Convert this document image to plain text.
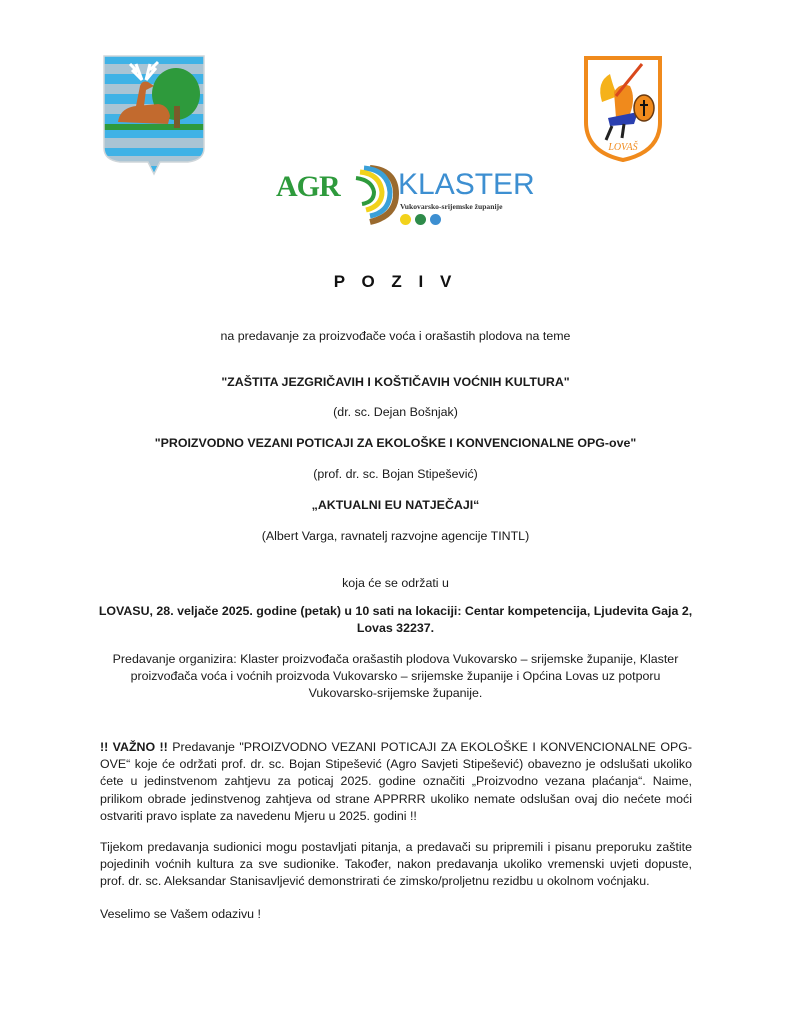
LOVAŠ
AGR KLASTER
Vukovarsko-srijemske županije
P O Z I V
na predavanje za proizvođače voća i orašastih plodova na teme
"ZAŠTITA JEZGRIČAVIH I KOŠTIČAVIH VOĆNIH KULTURA"
(dr. sc. Dejan Bošnjak)
"PROIZVODNO VEZANI POTICAJI ZA EKOLOŠKE I KONVENCIONALNE OPG-ove"
(prof. dr. sc. Bojan Stipešević)
„AKTUALNI EU NATJEČAJI“
(Albert Varga, ravnatelj razvojne agencije TINTL)
koja će se održati u
LOVASU, 28. veljače 2025. godine (petak) u 10 sati na lokaciji: Centar kompetencija, Ljudevita Gaja 2,
Lovas 32237.
Predavanje organizira: Klaster proizvođača orašastih plodova Vukovarsko – srijemske županije, Klaster
proizvođača voća i voćnih proizvoda Vukovarsko – srijemske županije i Općina Lovas uz potporu
Vukovarsko-srijemske županije.
!! VAŽNO !! Predavanje "PROIZVODNO VEZANI POTICAJI ZA EKOLOŠKE I KONVENCIONALNE OPG-OVE“ koje će održati prof. dr. sc. Bojan Stipešević (Agro Savjeti Stipešević) obavezno je odslušati ukoliko ćete u jedinstvenom zahtjevu za poticaj 2025. godine označiti „Proizvodno vezana plaćanja“. Naime, prilikom obrade jedinstvenog zahtjeva od strane APPRRR ukoliko nemate odslušan ovaj dio nećete moći ostvariti pravo isplate za navedenu Mjeru u 2025. godini !!
Tijekom predavanja sudionici mogu postavljati pitanja, a predavači su pripremili i pisanu preporuku zaštite pojedinih voćnih kultura za sve sudionike. Također, nakon predavanja ukoliko vremenski uvjeti dopuste, prof. dr. sc. Aleksandar Stanisavljević demonstrirati će zimsko/proljetnu rezidbu u okolnom voćnjaku.
Veselimo se Vašem odazivu !
